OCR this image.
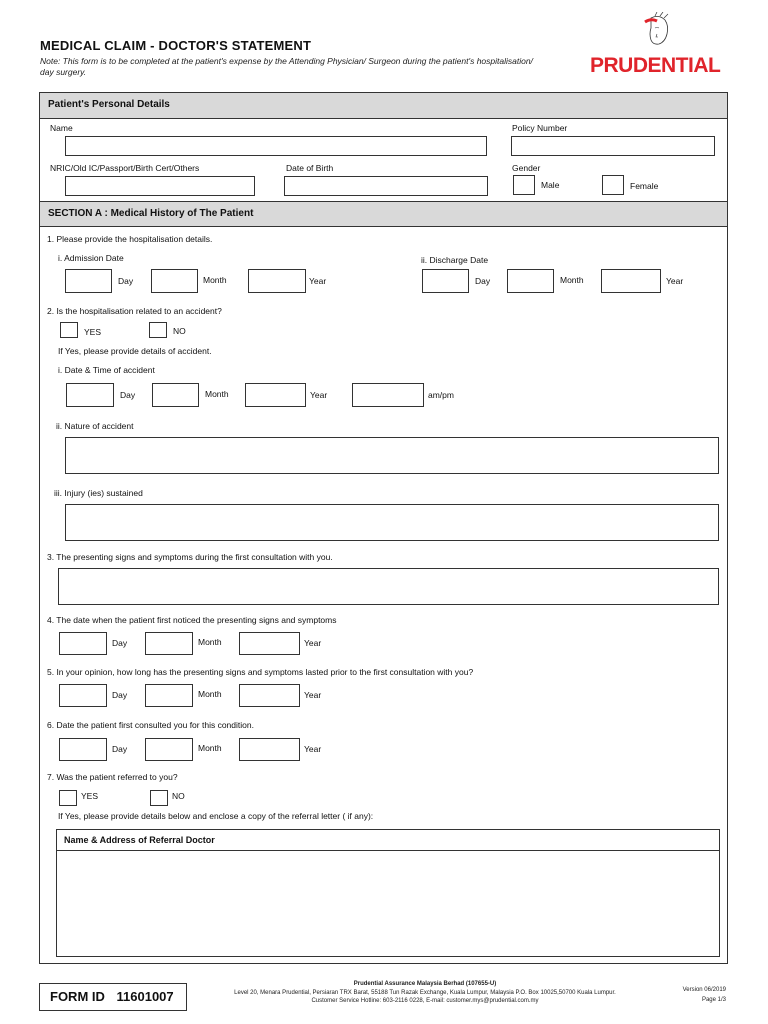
MEDICAL CLAIM - DOCTOR'S STATEMENT
Note: This form is to be completed at the patient's expense by the Attending Physician/ Surgeon during the patient's hospitalisation/ day surgery.	PRUDENTIAL
Patient's Personal Details
Name	Policy Number
NRIC/Old IC/Passport/Birth Cert/Others	Date of Birth	Gender
Male	Female
SECTION A : Medical History of The Patient
1. Please provide the hospitalisation details.
i. Admission Date	ii. Discharge Date
Day	Month	Year	Day	Month	Year
2. Is the hospitalisation related to an accident?
YES	NO
If Yes, please provide details of accident.
i. Date & Time of accident
Day	Month	Year	am/pm
ii. Nature of accident
iii. Injury (ies) sustained
3. The presenting signs and symptoms during the first consultation with you.
4. The date when the patient first noticed the presenting signs and symptoms
Day	Month	Year
5. In your opinion, how long has the presenting signs and symptoms lasted prior to the first consultation with you?
Day	Month	Year
6. Date the patient first consulted you for this condition.
Day	Month	Year
7. Was the patient referred to you?
YES	NO
If Yes, please provide details below and enclose a copy of the referral letter ( if any):
Name & Address of Referral Doctor
FORM ID 11601007
Prudential Assurance Malaysia Berhad (107655-U)
Level 20, Menara Prudential, Persiaran TRX Barat, 55188 Tun Razak Exchange, Kuala Lumpur, Malaysia P.O. Box 10025,50700 Kuala Lumpur.
Customer Service Hotline: 603-2116 0228, E-mail: customer.mys@prudential.com.my
Version 06/2019
Page 1/3
